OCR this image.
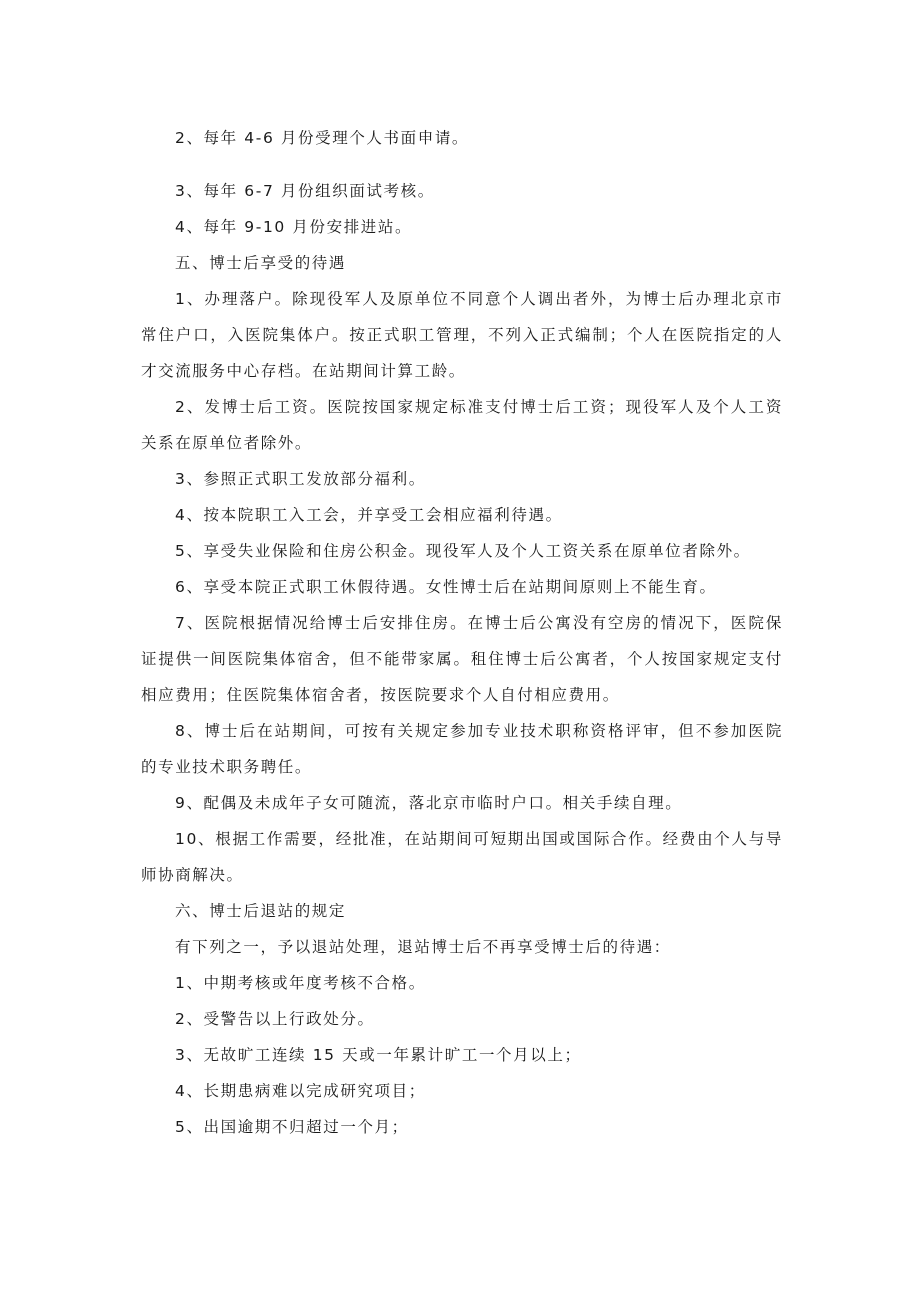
2、每年 4-6 月份受理个人书面申请。

3、每年 6-7 月份组织面试考核。

4、每年 9-10 月份安排进站。

五、博士后享受的待遇

1、办理落户。除现役军人及原单位不同意个人调出者外，为博士后办理北京市常住户口，入医院集体户。按正式职工管理，不列入正式编制；个人在医院指定的人才交流服务中心存档。在站期间计算工龄。

2、发博士后工资。医院按国家规定标准支付博士后工资；现役军人及个人工资关系在原单位者除外。

3、参照正式职工发放部分福利。

4、按本院职工入工会，并享受工会相应福利待遇。

5、享受失业保险和住房公积金。现役军人及个人工资关系在原单位者除外。

6、享受本院正式职工休假待遇。女性博士后在站期间原则上不能生育。

7、医院根据情况给博士后安排住房。在博士后公寓没有空房的情况下，医院保证提供一间医院集体宿舍，但不能带家属。租住博士后公寓者，个人按国家规定支付相应费用；住医院集体宿舍者，按医院要求个人自付相应费用。

8、博士后在站期间，可按有关规定参加专业技术职称资格评审，但不参加医院的专业技术职务聘任。

9、配偶及未成年子女可随流，落北京市临时户口。相关手续自理。

10、根据工作需要，经批准，在站期间可短期出国或国际合作。经费由个人与导师协商解决。

六、博士后退站的规定

有下列之一，予以退站处理，退站博士后不再享受博士后的待遇：

1、中期考核或年度考核不合格。

2、受警告以上行政处分。

3、无故旷工连续 15 天或一年累计旷工一个月以上；

4、长期患病难以完成研究项目；

5、出国逾期不归超过一个月；
